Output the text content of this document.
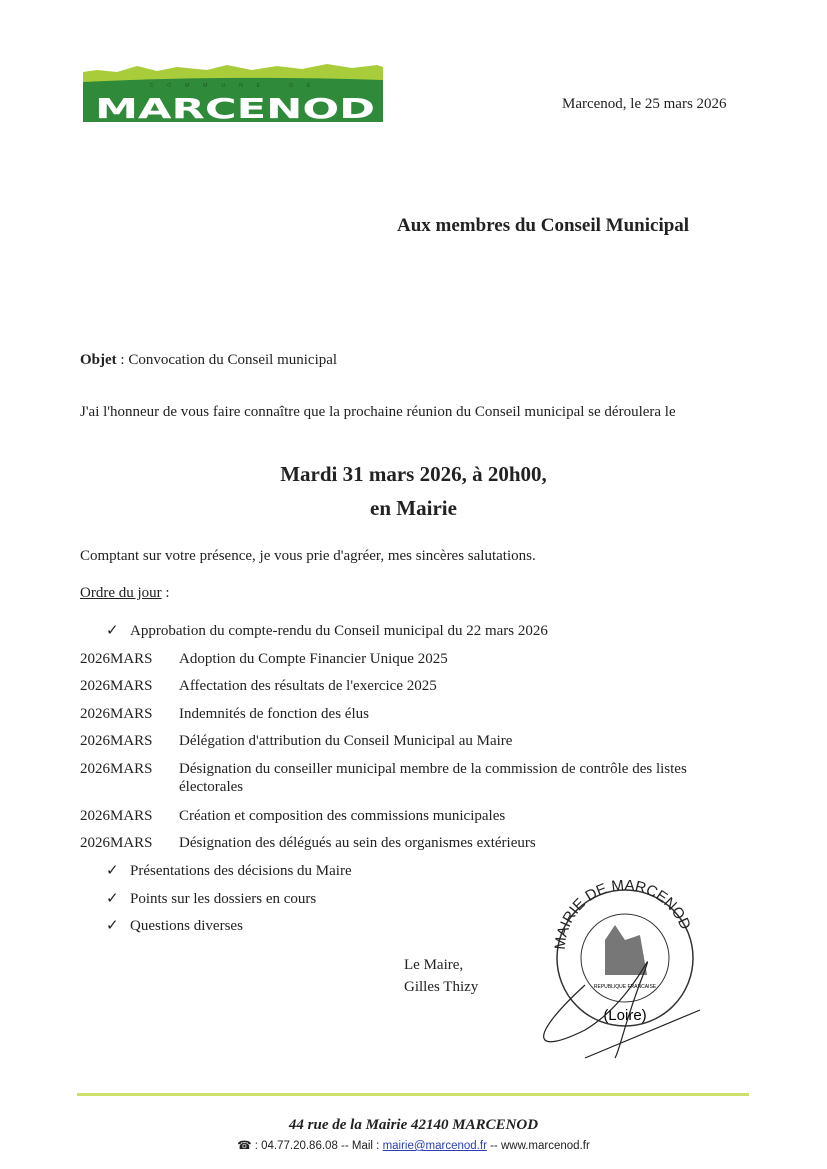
COMMUNE DE
MARCENOD	Marcenod, le 25 mars 2026
Aux membres du Conseil Municipal
Objet : Convocation du Conseil municipal
J'ai l'honneur de vous faire connaître que la prochaine réunion du Conseil municipal se déroulera le
Mardi 31 mars 2026, à 20h00,
en Mairie
Comptant sur votre présence, je vous prie d'agréer, mes sincères salutations.
Ordre du jour :
✓ Approbation du compte-rendu du Conseil municipal du 22 mars 2026
2026MARS Adoption du Compte Financier Unique 2025
2026MARS Affectation des résultats de l'exercice 2025
2026MARS Indemnités de fonction des élus
2026MARS Délégation d'attribution du Conseil Municipal au Maire
2026MARS Désignation du conseiller municipal membre de la commission de contrôle des listes électorales
2026MARS Création et composition des commissions municipales
2026MARS Désignation des délégués au sein des organismes extérieurs
✓ Présentations des décisions du Maire
✓ Points sur les dossiers en cours
✓ Questions diverses
Le Maire,
Gilles Thizy
MAIRIE DE MARCENOD
REPUBLIQUE FRANCAISE
(Loire)
44 rue de la Mairie 42140 MARCENOD
☎ : 04.77.20.86.08 -- Mail : mairie@marcenod.fr -- www.marcenod.fr
